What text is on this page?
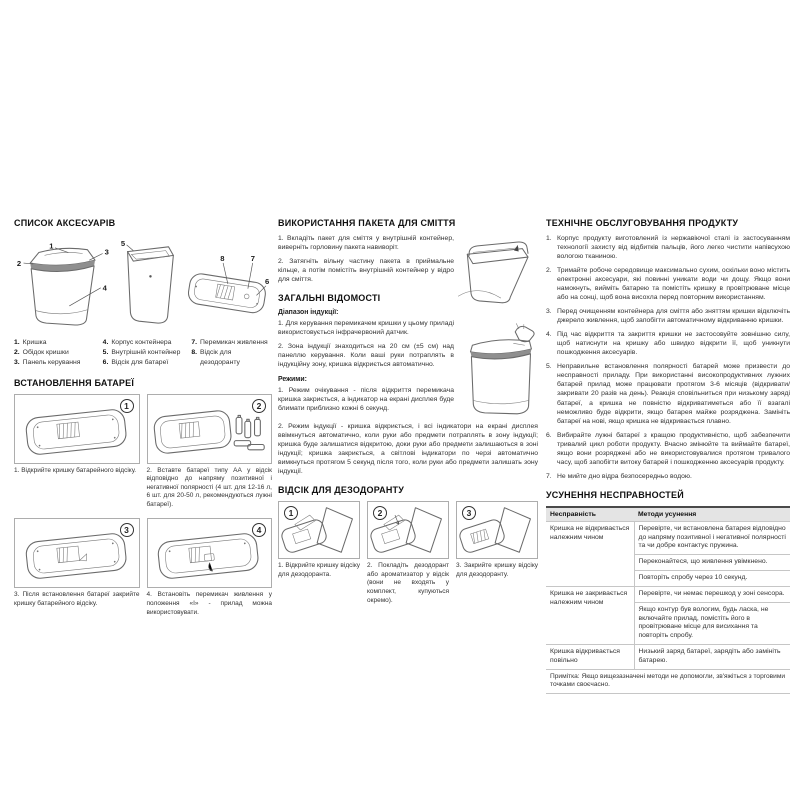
СПИСОК АКСЕСУАРІВ
1
2
3
4
5
8	7
6
1. Кришка
2. Обідок кришки
3. Панель керування
4. Корпус контейнера
5. Внутрішній контейнер
6. Відсік для батареї
7. Перемикач живлення
8. Відсік для дезодоранту
ВСТАНОВЛЕННЯ БАТАРЕЇ
1
1. Відкрийте кришку батарейного відсіку.
2
2. Вставте батареї типу АА у відсік відповідно до напряму позитивної і негативної полярності (4 шт. для 12-16 л, 6 шт. для 20-50 л, рекомендуються лужні батареї).
3
3. Після встановлення батареї закрийте кришку батарейного відсіку.
4
4. Встановіть перемикач живлення у положення «І» - прилад можна використовувати.
ВИКОРИСТАННЯ ПАКЕТА ДЛЯ СМІТТЯ

1. Вкладіть пакет для сміття у внутрішній контейнер, виверніть горловину пакета навиворіт.

2. Затягніть вільну частину пакета в приймальне кільце, а потім помістіть внутрішній контейнер у відро для сміття.

ЗАГАЛЬНІ ВІДОМОСТІ
Діапазон індукції:

1. Для керування перемикачем кришки у цьому приладі використовується інфрачервоний датчик.

2. Зона індукції знаходиться на 20 см (±5 см) над панеллю керування. Коли ваші руки потраплять в індукційну зону, кришка відкриється автоматично.

Режими:

1. Режим очікування - після відкриття перемикача кришка закриється, а індикатор на екрані дисплея буде блимати приблизно кожні 6 секунд.

2. Режим індукції - кришка відкриється, і всі індикатори на екрані дисплея ввімкнуться автоматично, коли руки або предмети потраплять в зону індукції; кришка буде залишатися відкритою, доки руки або предмети залишаються в зоні індукції; кришка закриється, а світлові індикатори по черзі автоматично вимкнуться протягом 5 секунд після того, коли руки або предмети залишать зону індукції.

ВІДСІК ДЛЯ ДЕЗОДОРАНТУ
1
1. Відкрийте кришку відсіку для дезодоранта.
2
2. Покладіть дезодорант або ароматизатор у відсік (вони не входять у комплект, купуються окремо).
3
3. Закрийте кришку відсіку для дезодоранту.
ТЕХНІЧНЕ ОБСЛУГОВУВАННЯ ПРОДУКТУ
1. Корпус продукту виготовлений із нержавіючої сталі із застосуванням технології захисту від відбитків пальців, його легко чистити напівсухою вологою тканиною.
2. Тримайте робоче середовище максимально сухим, оскільки воно містить електронні аксесуари, які повинні уникати води чи дощу. Якщо вони намокнуть, вийміть батарею та помістіть кришку в провітрюване місце або на сонці, щоб вона висохла перед повторним використанням.
3. Перед очищенням контейнера для сміття або зняттям кришки відключіть джерело живлення, щоб запобігти автоматичному відкриванню кришки.
4. Під час відкриття та закриття кришки не застосовуйте зовнішню силу, щоб натиснути на кришку або швидко відкрити її, щоб уникнути пошкодження аксесуарів.
5. Неправильне встановлення полярності батарей може призвести до несправності приладу. При використанні високопродуктивних лужних батарей прилад може працювати протягом 3-6 місяців (відкривати/закривати 20 разів на день). Реакція сповільниться при низькому заряді батареї, а кришка не повністю відкриватиметься або її взагалі неможливо буде відкрити, якщо батарея майже розряджена. Замініть батареї на нові, якщо кришка не відкривається плавно.
6. Вибирайте лужні батареї з кращою продуктивністю, щоб забезпечити тривалий цикл роботи продукту. Вчасно змінюйте та виймайте батареї, якщо вони розряджені або не використовувалися протягом тривалого часу, щоб запобігти витоку батарей і пошкодженню аксесуарів продукту.
7. Не мийте дно відра безпосередньо водою.
УСУНЕННЯ НЕСПРАВНОСТЕЙ
Несправність	Методи усунення
Кришка не відкривається належним чином	Перевірте, чи встановлена батарея відповідно до напряму позитивної і негативної полярності та чи добре контактує пружина.
	Переконайтеся, що живлення увімкнено.
	Повторіть спробу через 10 секунд.
Кришка не закривається належним чином	Перевірте, чи немає перешкод у зоні сенсора.
	Якщо контур був вологим, будь ласка, не включайте прилад, помістіть його в провітрюване місце для висихання та повторіть спробу.
Кришка відкривається повільно	Низький заряд батареї, зарядіть або замініть батарею.
Примітка: Якщо вищезазначені методи не допомогли, зв'яжіться з торговими точками своєчасно.	
